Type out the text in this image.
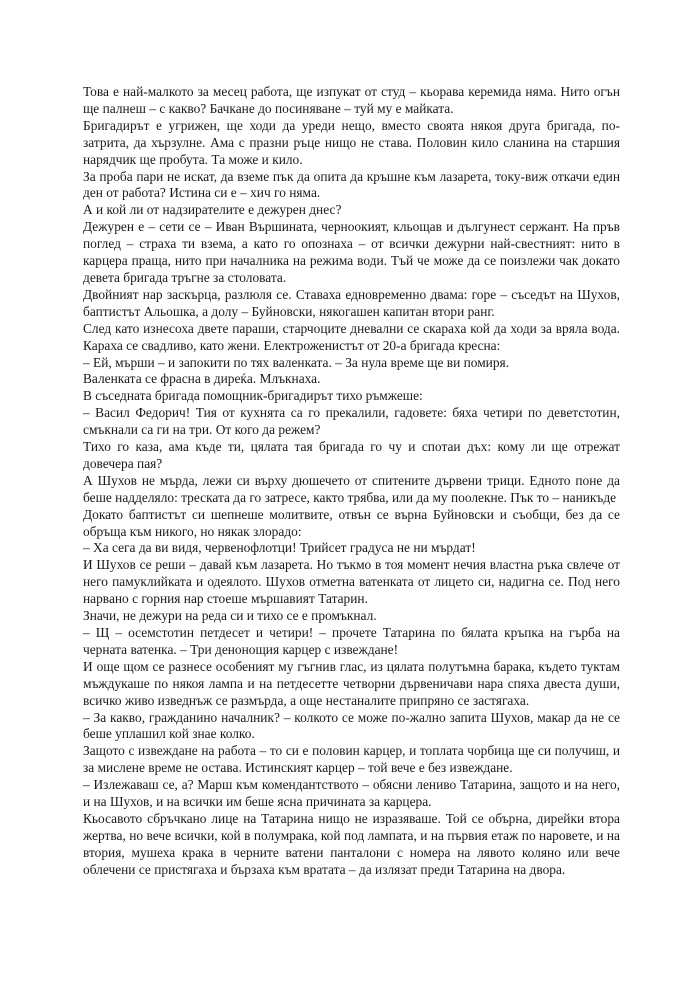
Това е най-малкото за месец работа, ще изпукат от студ – кьорава керемида няма. Нито огън ще палнеш – с какво? Бачкане до посиняване – туй му е майката.

Бригадирът е угрижен, ще ходи да уреди нещо, вместо своята някоя друга бригада, по-затрита, да хързулне. Ама с празни ръце нищо не става. Половин кило сланина на старшия нарядчик ще пробута. Та може и кило.

За проба пари не искат, да вземе пък да опита да кръшне към лазарета, току-виж откачи един ден от работа? Истина си е – хич го няма.

А и кой ли от надзирателите е дежурен днес?

Дежурен е – сети се – Иван Вършината, черноокият, кльощав и дългунест сержант. На пръв поглед – страха ти взема, а като го опознаха – от всички дежурни най-свестният: нито в карцера праща, нито при началника на режима води. Тъй че може да се поизлежи чак докато девета бригада тръгне за столовата.

Двойният нар заскърца, разлюля се. Ставаха едновременно двама: горе – съседът на Шухов, баптистът Альошка, а долу – Буйновски, някогашен капитан втори ранг.

След като изнесоха двете параши, старчоците дневални се скараха кой да ходи за вряла вода. Караха се свадливо, като жени. Електроженистът от 20-а бригада кресна:

– Ей, мърши – и запокити по тях валенката. – За нула време ще ви помиря.

Валенката се фрасна в диреќа. Млъкнаха.

В съседната бригада помощник-бригадирът тихо ръмжеше:

– Васил Федорич! Тия от кухнята са го прекалили, гадовете: бяха четири по деветстотин, смъкнали са ги на три. От кого да режем?

Тихо го каза, ама къде ти, цялата тая бригада го чу и спотаи дъх: кому ли ще отрежат довечера пая?

А Шухов не мърда, лежи си върху дюшечето от спитените дървени трици. Едното поне да беше надделяло: треската да го затресе, както трябва, или да му поолекне. Пък то – наникъде

Докато баптистът си шепнеше молитвите, отвън се върна Буйновски и съобщи, без да се обръща към никого, но някак злорадо:

– Ха сега да ви видя, червенофлотци! Трийсет градуса не ни мърдат!

И Шухов се реши – давай към лазарета. Но тъкмо в тоя момент нечия властна ръка свлече от него памуклийката и одеялото. Шухов отметна ватенката от лицето си, надигна се. Под него нарвано с горния нар стоеше мършавият Татарин.

Значи, не дежури на реда си и тихо се е промъкнал.

– Щ – осемстотин петдесет и четири! – прочете Татарина по бялата кръпка на гърба на черната ватенка. – Три денонощия карцер с извеждане!

И още щом се разнесе особеният му гъгнив глас, из цялата полутъмна барака, където туктам мъждукаше по някоя лампа и на петдесетте четворни дървеничави нара спяха двеста души, всичко живо изведнъж се размърда, а още нестаналите припряно се застягаха.

– За какво, гражданино началник? – колкото се може по-жално запита Шухов, макар да не се беше уплашил кой знае колко.

Защото с извеждане на работа – то си е половин карцер, и топлата чорбица ще си получиш, и за мислене време не остава. Истинският карцер – той вече е без извеждане.

– Излежаваш се, а? Марш към комендантството – обясни лениво Татарина, защото и на него, и на Шухов, и на всички им беше ясна причината за карцера.

Кьосавото сбръчкано лице на Татарина нищо не изразяваше. Той се обърна, дирейки втора жертва, но вече всички, кой в полумрака, кой под лампата, и на първия етаж по наровете, и на втория, мушеха крака в черните ватени панталони с номера на лявото коляно или вече облечени се пристягаха и бързаха към вратата – да излязат преди Татарина на двора.
